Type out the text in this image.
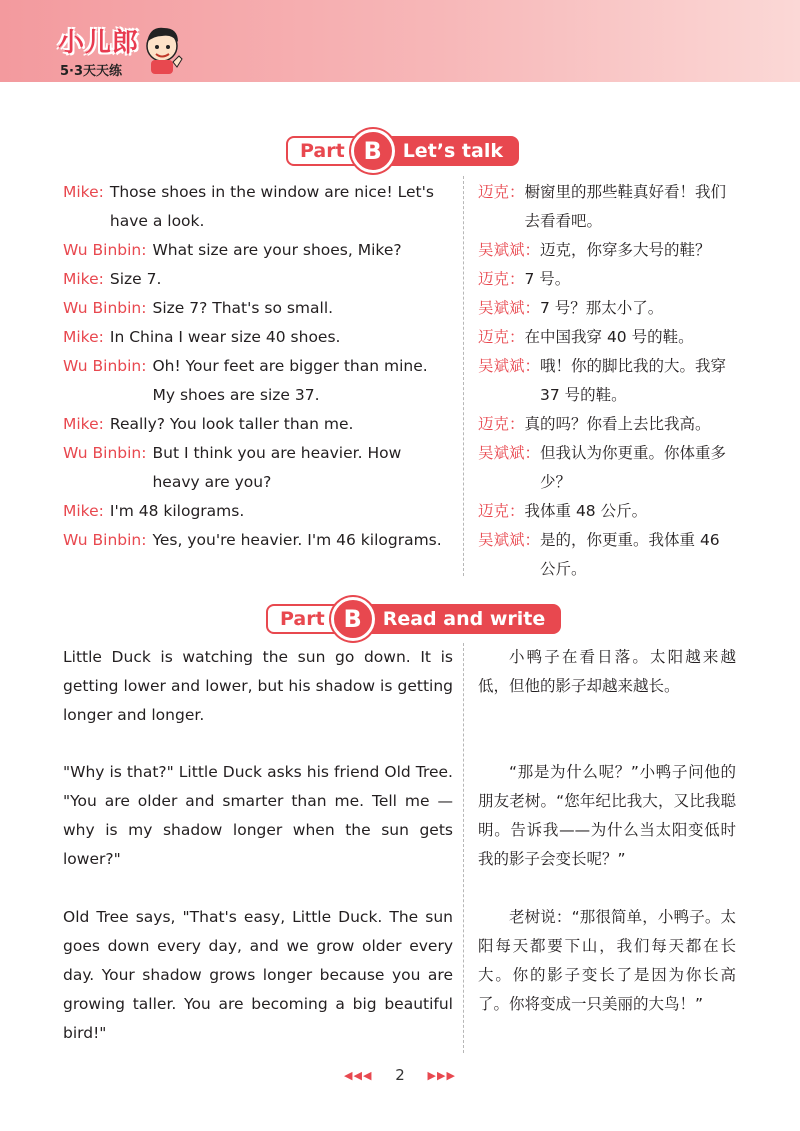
小儿郎
5·3天天练
Part B	Let’s talk
Mike: Those shoes in the window are nice! Let's have a look.
Wu Binbin: What size are your shoes, Mike?
Mike: Size 7.
Wu Binbin: Size 7? That's so small.
Mike: In China I wear size 40 shoes.
Wu Binbin: Oh! Your feet are bigger than mine. My shoes are size 37.
Mike: Really? You look taller than me.
Wu Binbin: But I think you are heavier. How heavy are you?
Mike: I'm 48 kilograms.
Wu Binbin: Yes, you're heavier. I'm 46 kilograms.
迈克： 橱窗里的那些鞋真好看！我们去看看吧。
吴斌斌： 迈克，你穿多大号的鞋？
迈克： 7 号。
吴斌斌： 7 号？那太小了。
迈克： 在中国我穿 40 号的鞋。
吴斌斌： 哦！你的脚比我的大。我穿 37 号的鞋。
迈克： 真的吗？你看上去比我高。
吴斌斌： 但我认为你更重。你体重多少？
迈克： 我体重 48 公斤。
吴斌斌： 是的，你更重。我体重 46 公斤。
Part B	Read and write
Little Duck is watching the sun go down. It is getting lower and lower, but his shadow is getting longer and longer.
"Why is that?" Little Duck asks his friend Old Tree. "You are older and smarter than me. Tell me — why is my shadow longer when the sun gets lower?"
Old Tree says, "That's easy, Little Duck. The sun goes down every day, and we grow older every day. Your shadow grows longer because you are growing taller. You are becoming a big beautiful bird!"
小鸭子在看日落。太阳越来越低，但他的影子却越来越长。
“那是为什么呢？”小鸭子问他的朋友老树。“您年纪比我大，又比我聪明。告诉我——为什么当太阳变低时我的影子会变长呢？”
老树说：“那很简单，小鸭子。太阳每天都要下山，我们每天都在长大。你的影子变长了是因为你长高了。你将变成一只美丽的大鸟！”
◀◀◀ 2 ▶▶▶
